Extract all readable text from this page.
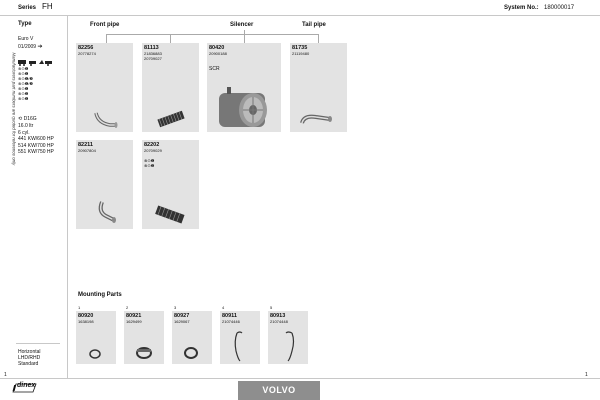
Series FH	System No.: 180000017
Manufacturers part numbers are quoted for reference only
Type
Euro V
01/2009 ➔
⊗⊙❶
⊗⊙❶
⊗⊙❶/❷
⊗⊙❶/❷
⊗⊙❶
⊗⊙❷
⊗⊙❶
⟲ D16G
16.0 ltr
6 cyl.
441 KW/600 HP
514 KW/700 HP
551 KW/750 HP
Horizontal
LHD/RHD
Standard
Front pipe	Silencer	Tail pipe
82256
20778274
81113
21836883
20709027
80420
20900188
SCR
81735
21119480
82211
20907804
82202
20709029
⊗⊙❶
⊗⊙❷
Mounting Parts
1
80920
1638198
2
80921
1629499
3
80927
1629067
4
80911
21074446
5
80913
21074448
1
dinex	VOLVO
1
